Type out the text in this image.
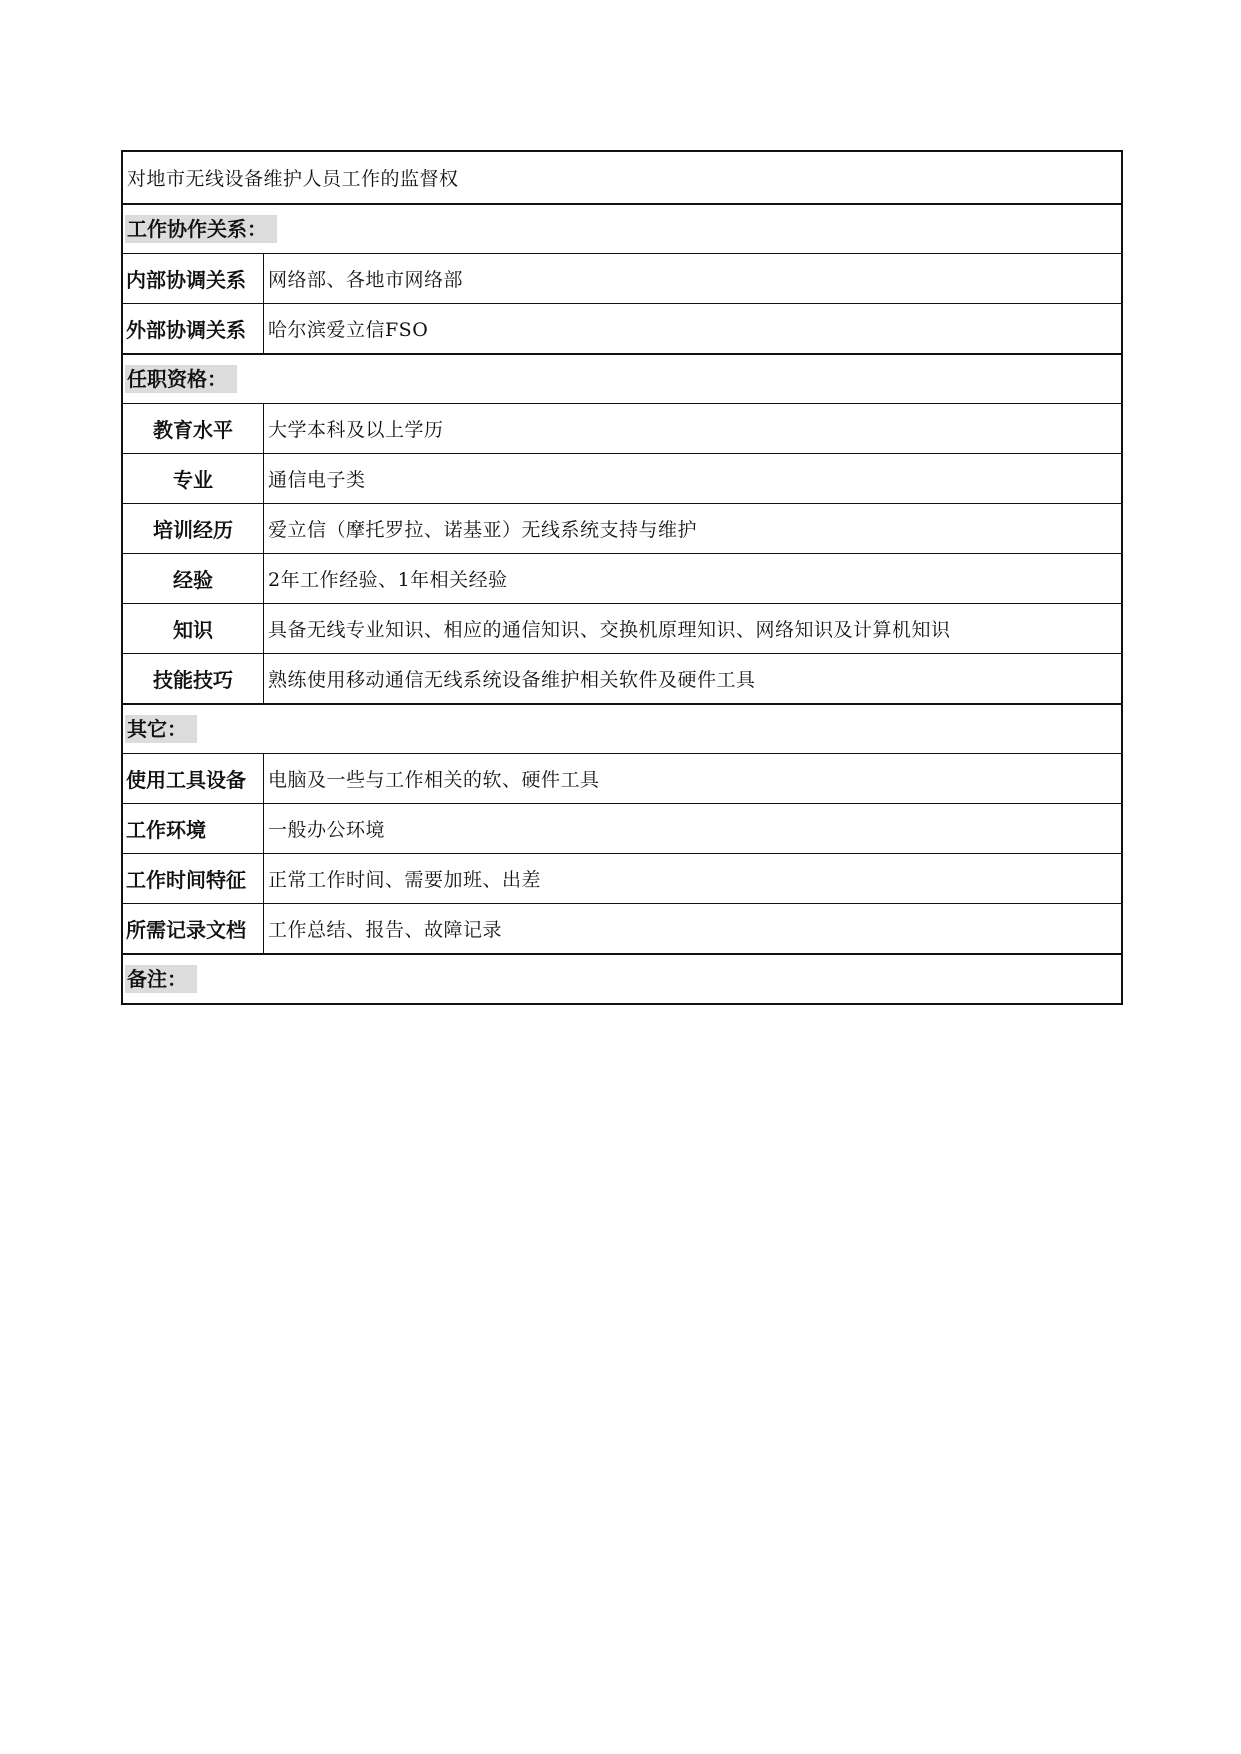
对地市无线设备维护人员工作的监督权
工作协作关系：
内部协调关系	网络部、各地市网络部
外部协调关系	哈尔滨爱立信FSO
任职资格：
教育水平	大学本科及以上学历
专业	通信电子类
培训经历	爱立信（摩托罗拉、诺基亚）无线系统支持与维护
经验	2年工作经验、1年相关经验
知识	具备无线专业知识、相应的通信知识、交换机原理知识、网络知识及计算机知识
技能技巧	熟练使用移动通信无线系统设备维护相关软件及硬件工具
其它：
使用工具设备	电脑及一些与工作相关的软、硬件工具
工作环境	一般办公环境
工作时间特征	正常工作时间、需要加班、出差
所需记录文档	工作总结、报告、故障记录
备注：
